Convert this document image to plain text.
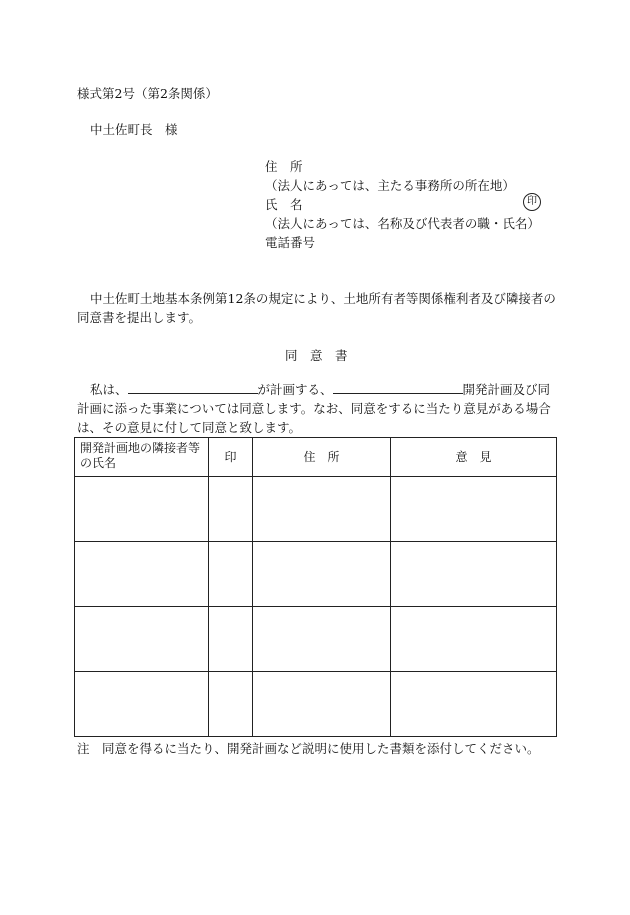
様式第2号（第2条関係）
中土佐町長　様
住　所
（法人にあっては、主たる事務所の所在地）
氏　名	印
（法人にあっては、名称及び代表者の職・氏名）
電話番号
中土佐町土地基本条例第12条の規定により、土地所有者等関係権利者及び隣接者の同意書を提出します。
同　意　書
私は、	が計画する、	開発計画及び同計画に添った事業については同意します。なお、同意をするに当たり意見がある場合は、その意見に付して同意と致します。
開発計画地の隣接者等の氏名	印	住　所	意　見

注　同意を得るに当たり、開発計画など説明に使用した書類を添付してください。
